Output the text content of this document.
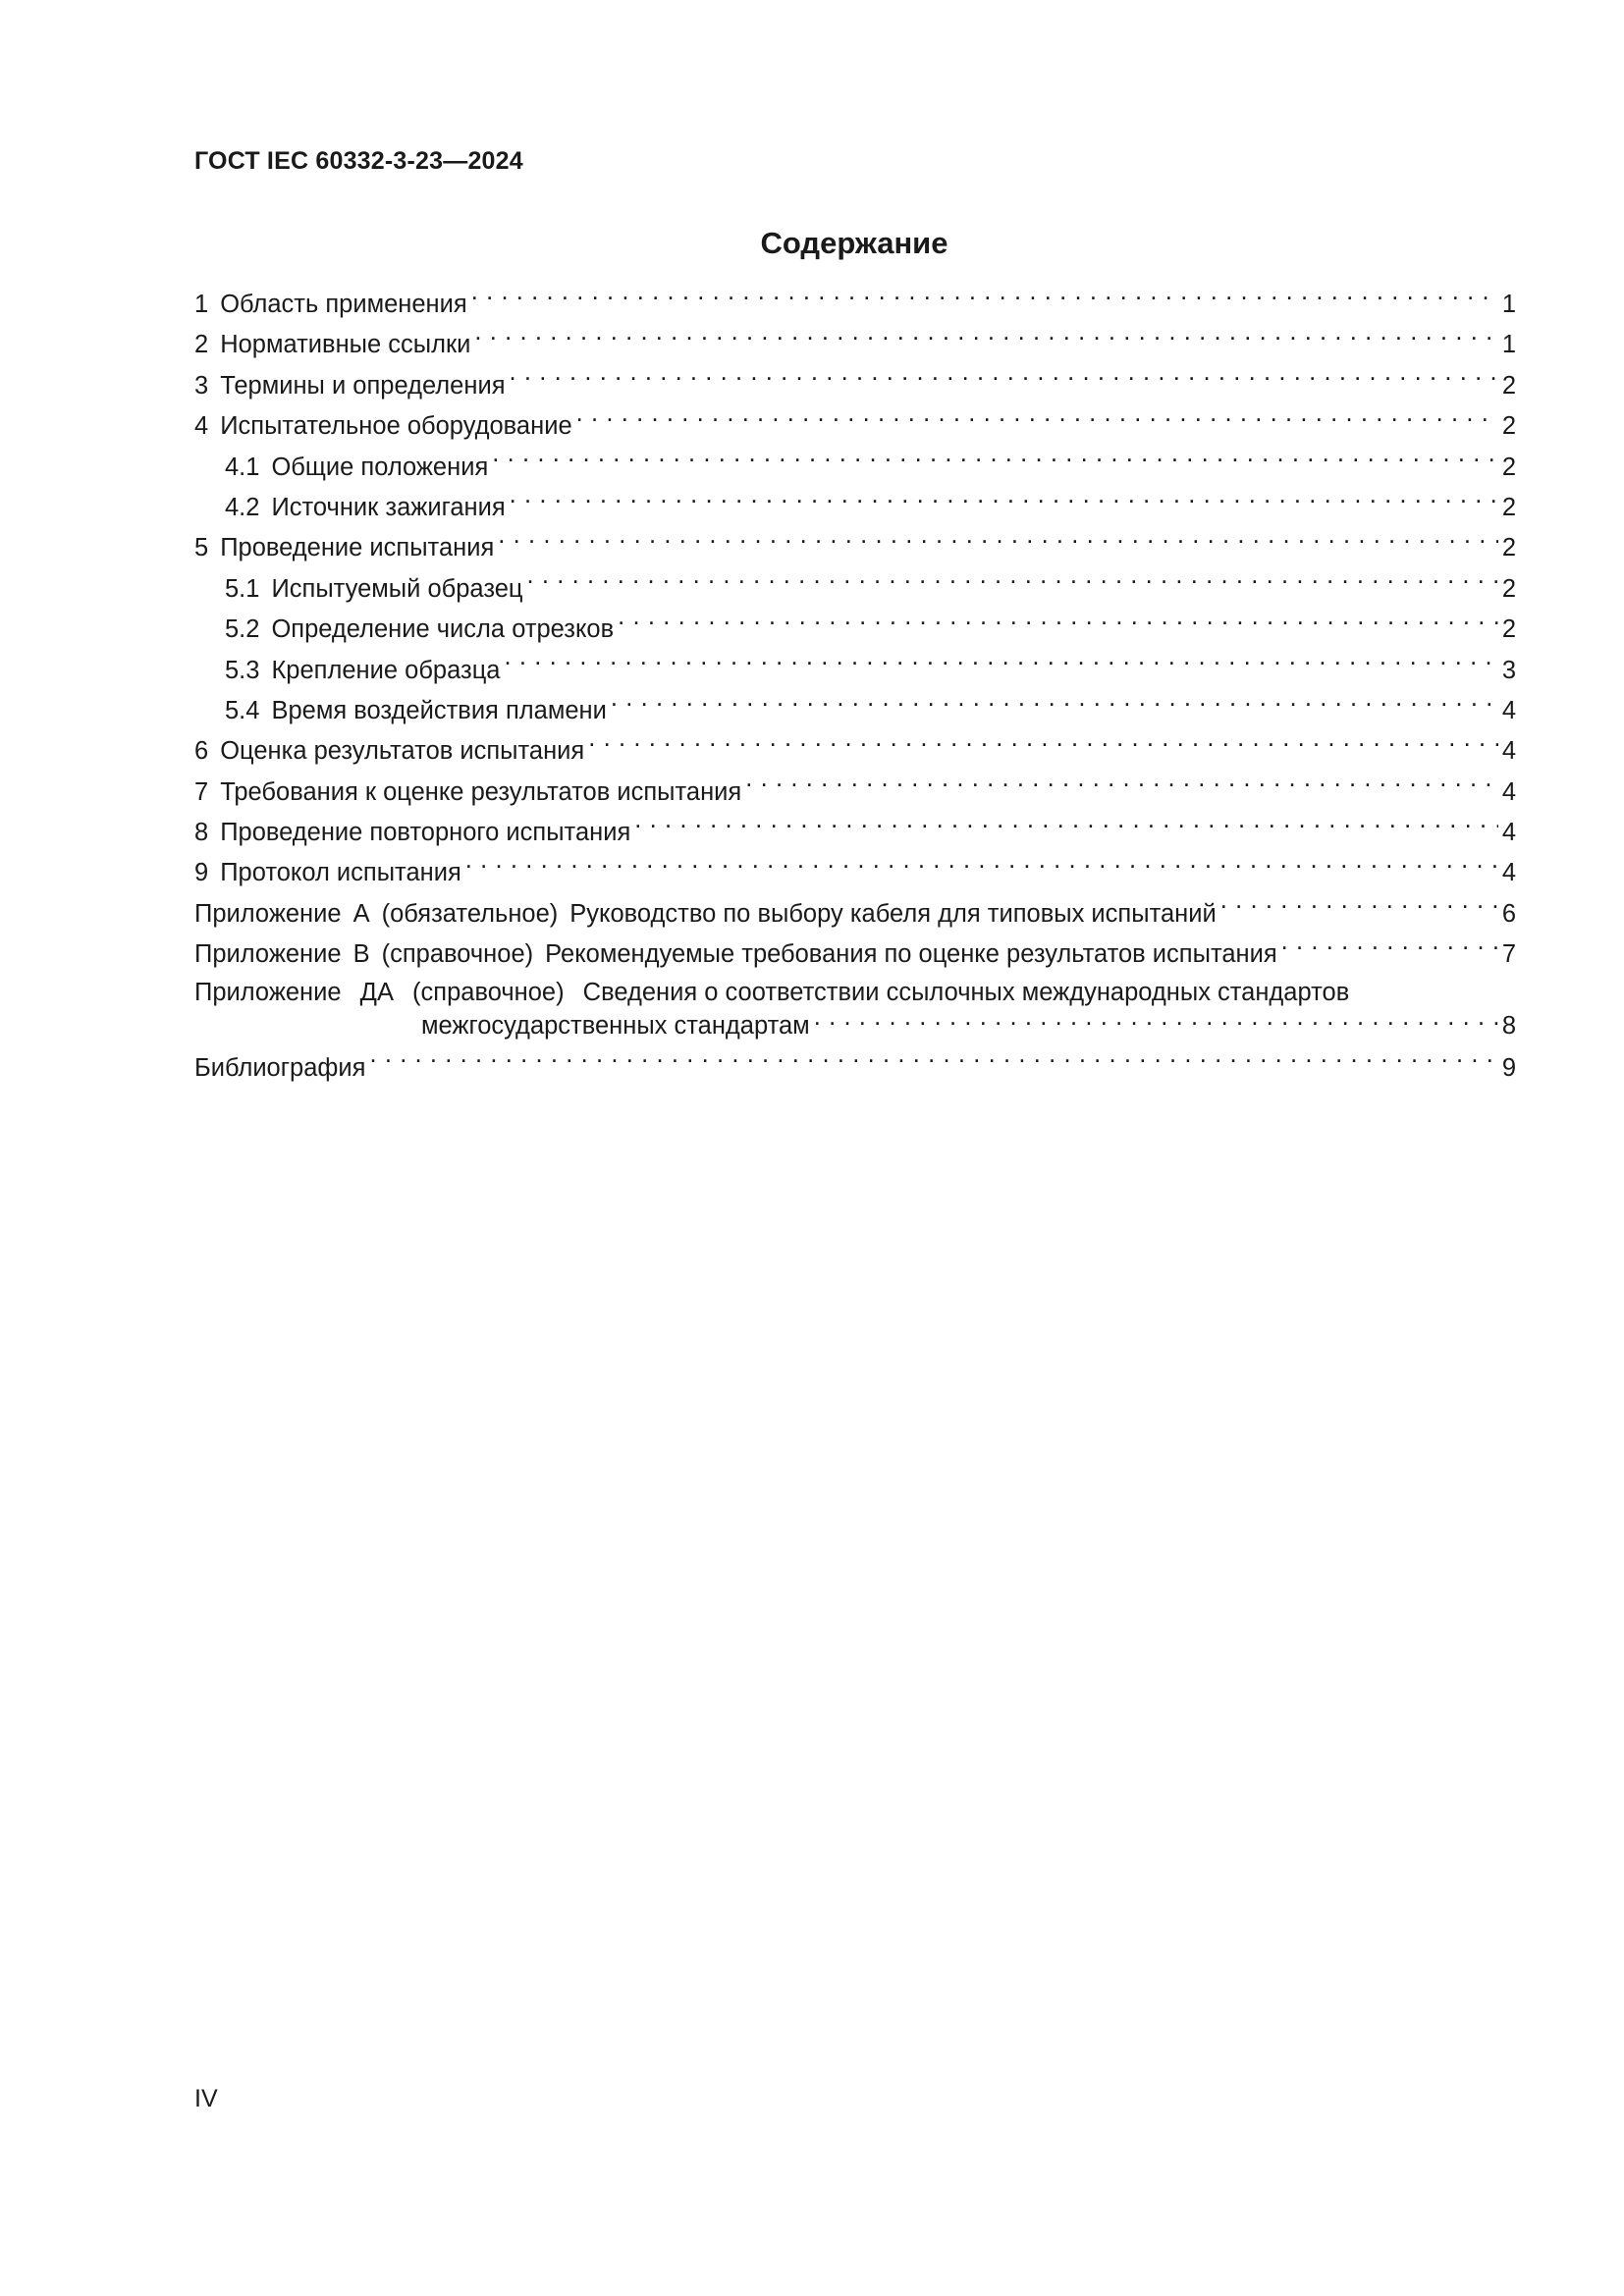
ГОСТ IEC 60332-3-23—2024
Содержание
1 Область применения . . .	1
2 Нормативные ссылки . . .	1
3 Термины и определения . . .	2
4 Испытательное оборудование . . .	2
4.1 Общие положения . . .	2
4.2 Источник зажигания . . .	2
5 Проведение испытания . . .	2
5.1 Испытуемый образец . . .	2
5.2 Определение числа отрезков . . .	2
5.3 Крепление образца . . .	3
5.4 Время воздействия пламени . . .	4
6 Оценка результатов испытания . . .	4
7 Требования к оценке результатов испытания . . .	4
8 Проведение повторного испытания . . .	4
9 Протокол испытания . . .	4
Приложение А (обязательное) Руководство по выбору кабеля для типовых испытаний . . .	6
Приложение В (справочное) Рекомендуемые требования по оценке результатов испытания . . .	7
Приложение ДА (справочное) Сведения о соответствии ссылочных международных стандартов
межгосударственных стандартам . . .	8
Библиография . . .	9
IV
